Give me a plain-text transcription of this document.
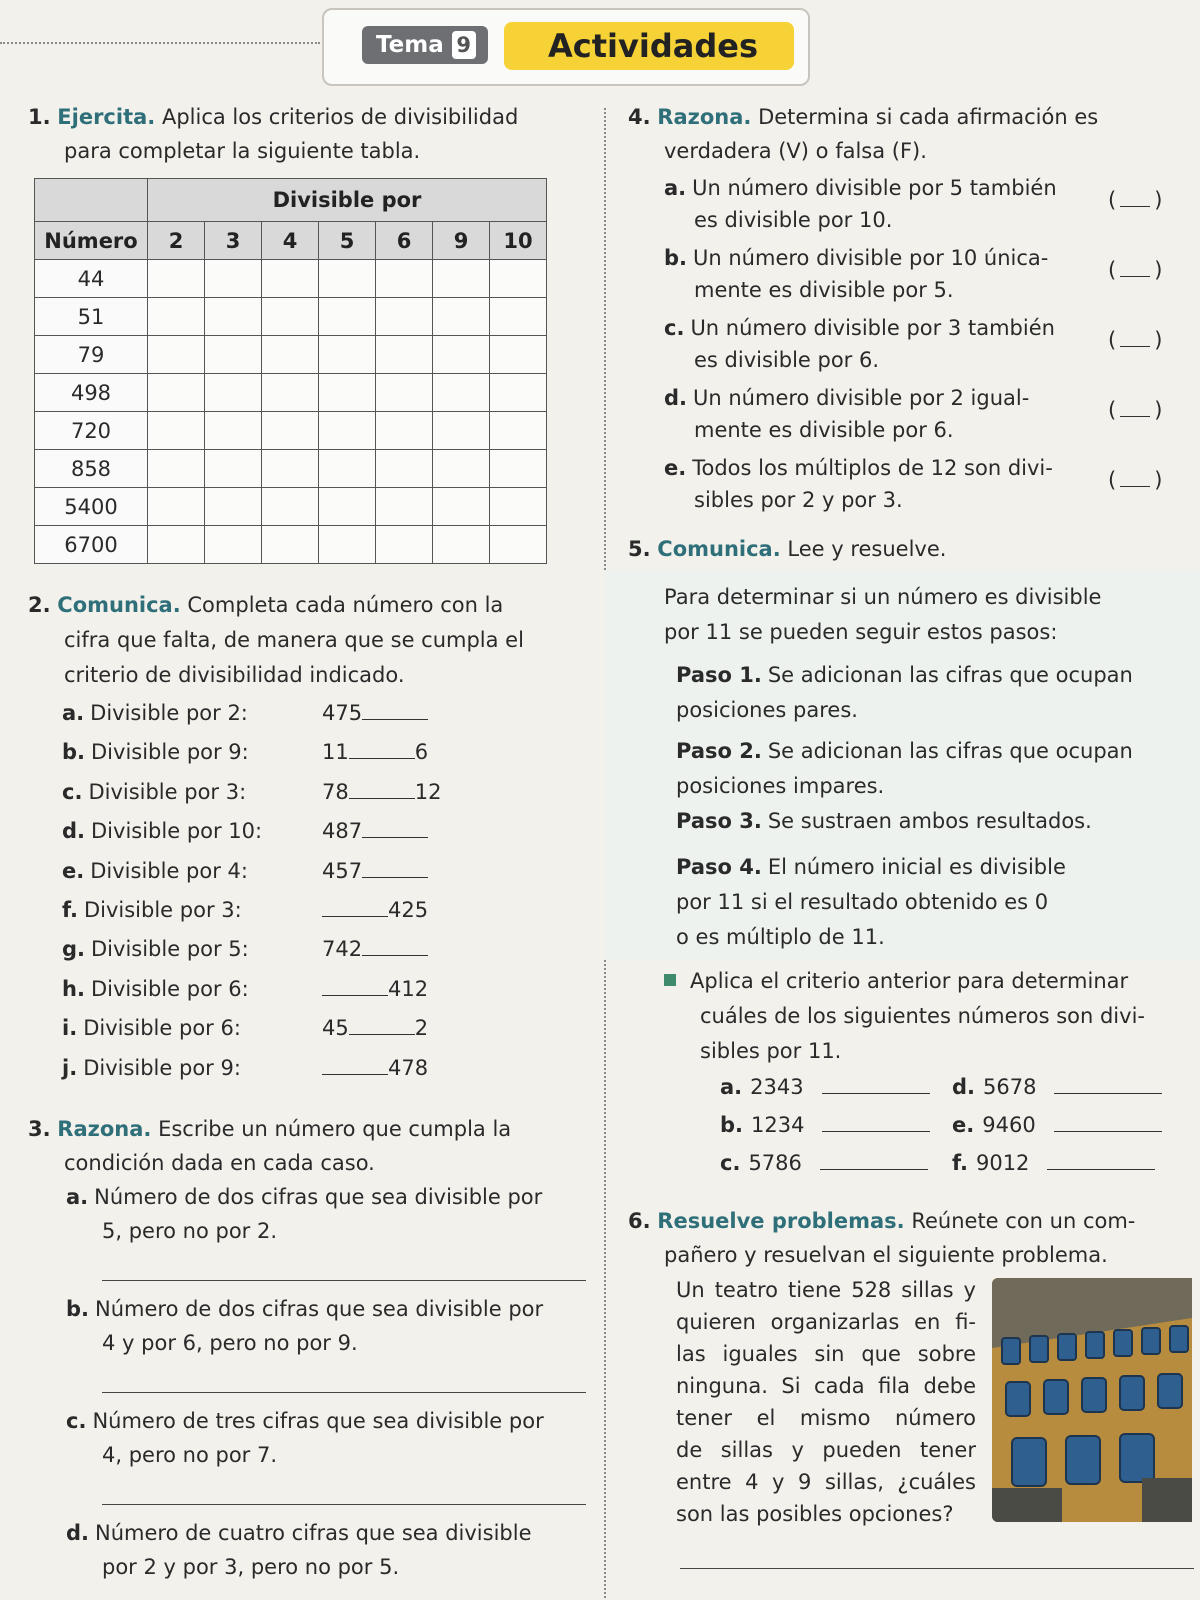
Tema 9	Actividades
1. Ejercita. Aplica los criterios de divisibilidad
para completar la siguiente tabla.
	Divisible por						
Número	2	3	4	5	6	9	10
44							
51							
79							
498							
720							
858							
5400							
6700							
2. Comunica. Completa cada número con la
cifra que falta, de manera que se cumpla el
criterio de divisibilidad indicado.
a. Divisible por 2:	475
b. Divisible por 9:	11	6
c. Divisible por 3:	78	12
d. Divisible por 10:	487
e. Divisible por 4:	457
f. Divisible por 3:	425
g. Divisible por 5:	742
h. Divisible por 6:	412
i. Divisible por 6:	45	2
j. Divisible por 9:	478
3. Razona. Escribe un número que cumpla la
condición dada en cada caso.
a. Número de dos cifras que sea divisible por
5, pero no por 2.
b. Número de dos cifras que sea divisible por
4 y por 6, pero no por 9.
c. Número de tres cifras que sea divisible por
4, pero no por 7.
d. Número de cuatro cifras que sea divisible
por 2 y por 3, pero no por 5.
4. Razona. Determina si cada afirmación es
verdadera (V) o falsa (F).
a. Un número divisible por 5 también
es divisible por 10.
( )
b. Un número divisible por 10 única-
mente es divisible por 5.
( )
c. Un número divisible por 3 también
es divisible por 6.
( )
d. Un número divisible por 2 igual-
mente es divisible por 6.
( )
e. Todos los múltiplos de 12 son divi-
sibles por 2 y por 3.
( )
5. Comunica. Lee y resuelve.
Para determinar si un número es divisible
por 11 se pueden seguir estos pasos:
Paso 1. Se adicionan las cifras que ocupan
posiciones pares.
Paso 2. Se adicionan las cifras que ocupan
posiciones impares.
Paso 3. Se sustraen ambos resultados.
Paso 4. El número inicial es divisible
por 11 si el resultado obtenido es 0
o es múltiplo de 11.
Aplica el criterio anterior para determinar
cuáles de los siguientes números son divi-
sibles por 11.
a. 2343
b. 1234
c. 5786
d. 5678
e. 9460
f. 9012
6. Resuelve problemas. Reúnete con un com-
pañero y resuelvan el siguiente problema.
Un teatro tiene 528 sillas y
quieren organizarlas en fi-
las iguales sin que sobre
ninguna. Si cada fila debe
tener el mismo número
de sillas y pueden tener
entre 4 y 9 sillas, ¿cuáles
son las posibles opciones?
